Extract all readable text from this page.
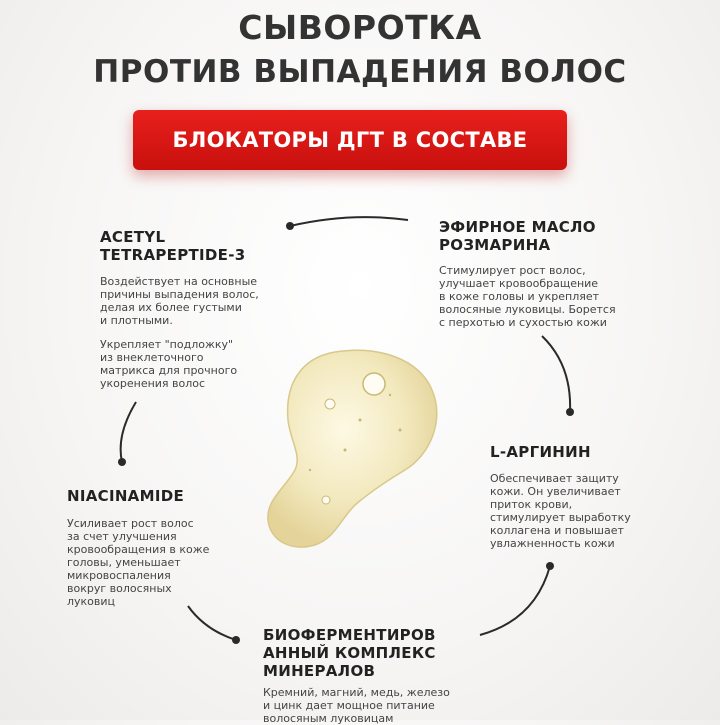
СЫВОРОТКА
ПРОТИВ ВЫПАДЕНИЯ ВОЛОС
БЛОКАТОРЫ ДГТ В СОСТАВЕ
ACETYL
TETRAPEPTIDE-3
Воздействует на основные
причины выпадения волос,
делая их более густыми
и плотными.
Укрепляет "подложку"
из внеклеточного
матрикса для прочного
укоренения волос
ЭФИРНОЕ МАСЛО
РОЗМАРИНА
Стимулирует рост волос,
улучшает кровообращение
в коже головы и укрепляет
волосяные луковицы. Борется
с перхотью и сухостью кожи
L-АРГИНИН
Обеспечивает защиту
кожи. Он увеличивает
приток крови,
стимулирует выработку
коллагена и повышает
увлажненность кожи
NIACINAMIDE
Усиливает рост волос
за счет улучшения
кровообращения в коже
головы, уменьшает
микровоспаления
вокруг волосяных
луковиц
БИОФЕРМЕНТИРОВ
АННЫЙ КОМПЛЕКС
МИНЕРАЛОВ
Кремний, магний, медь, железо
и цинк дает мощное питание
волосяным луковицам
